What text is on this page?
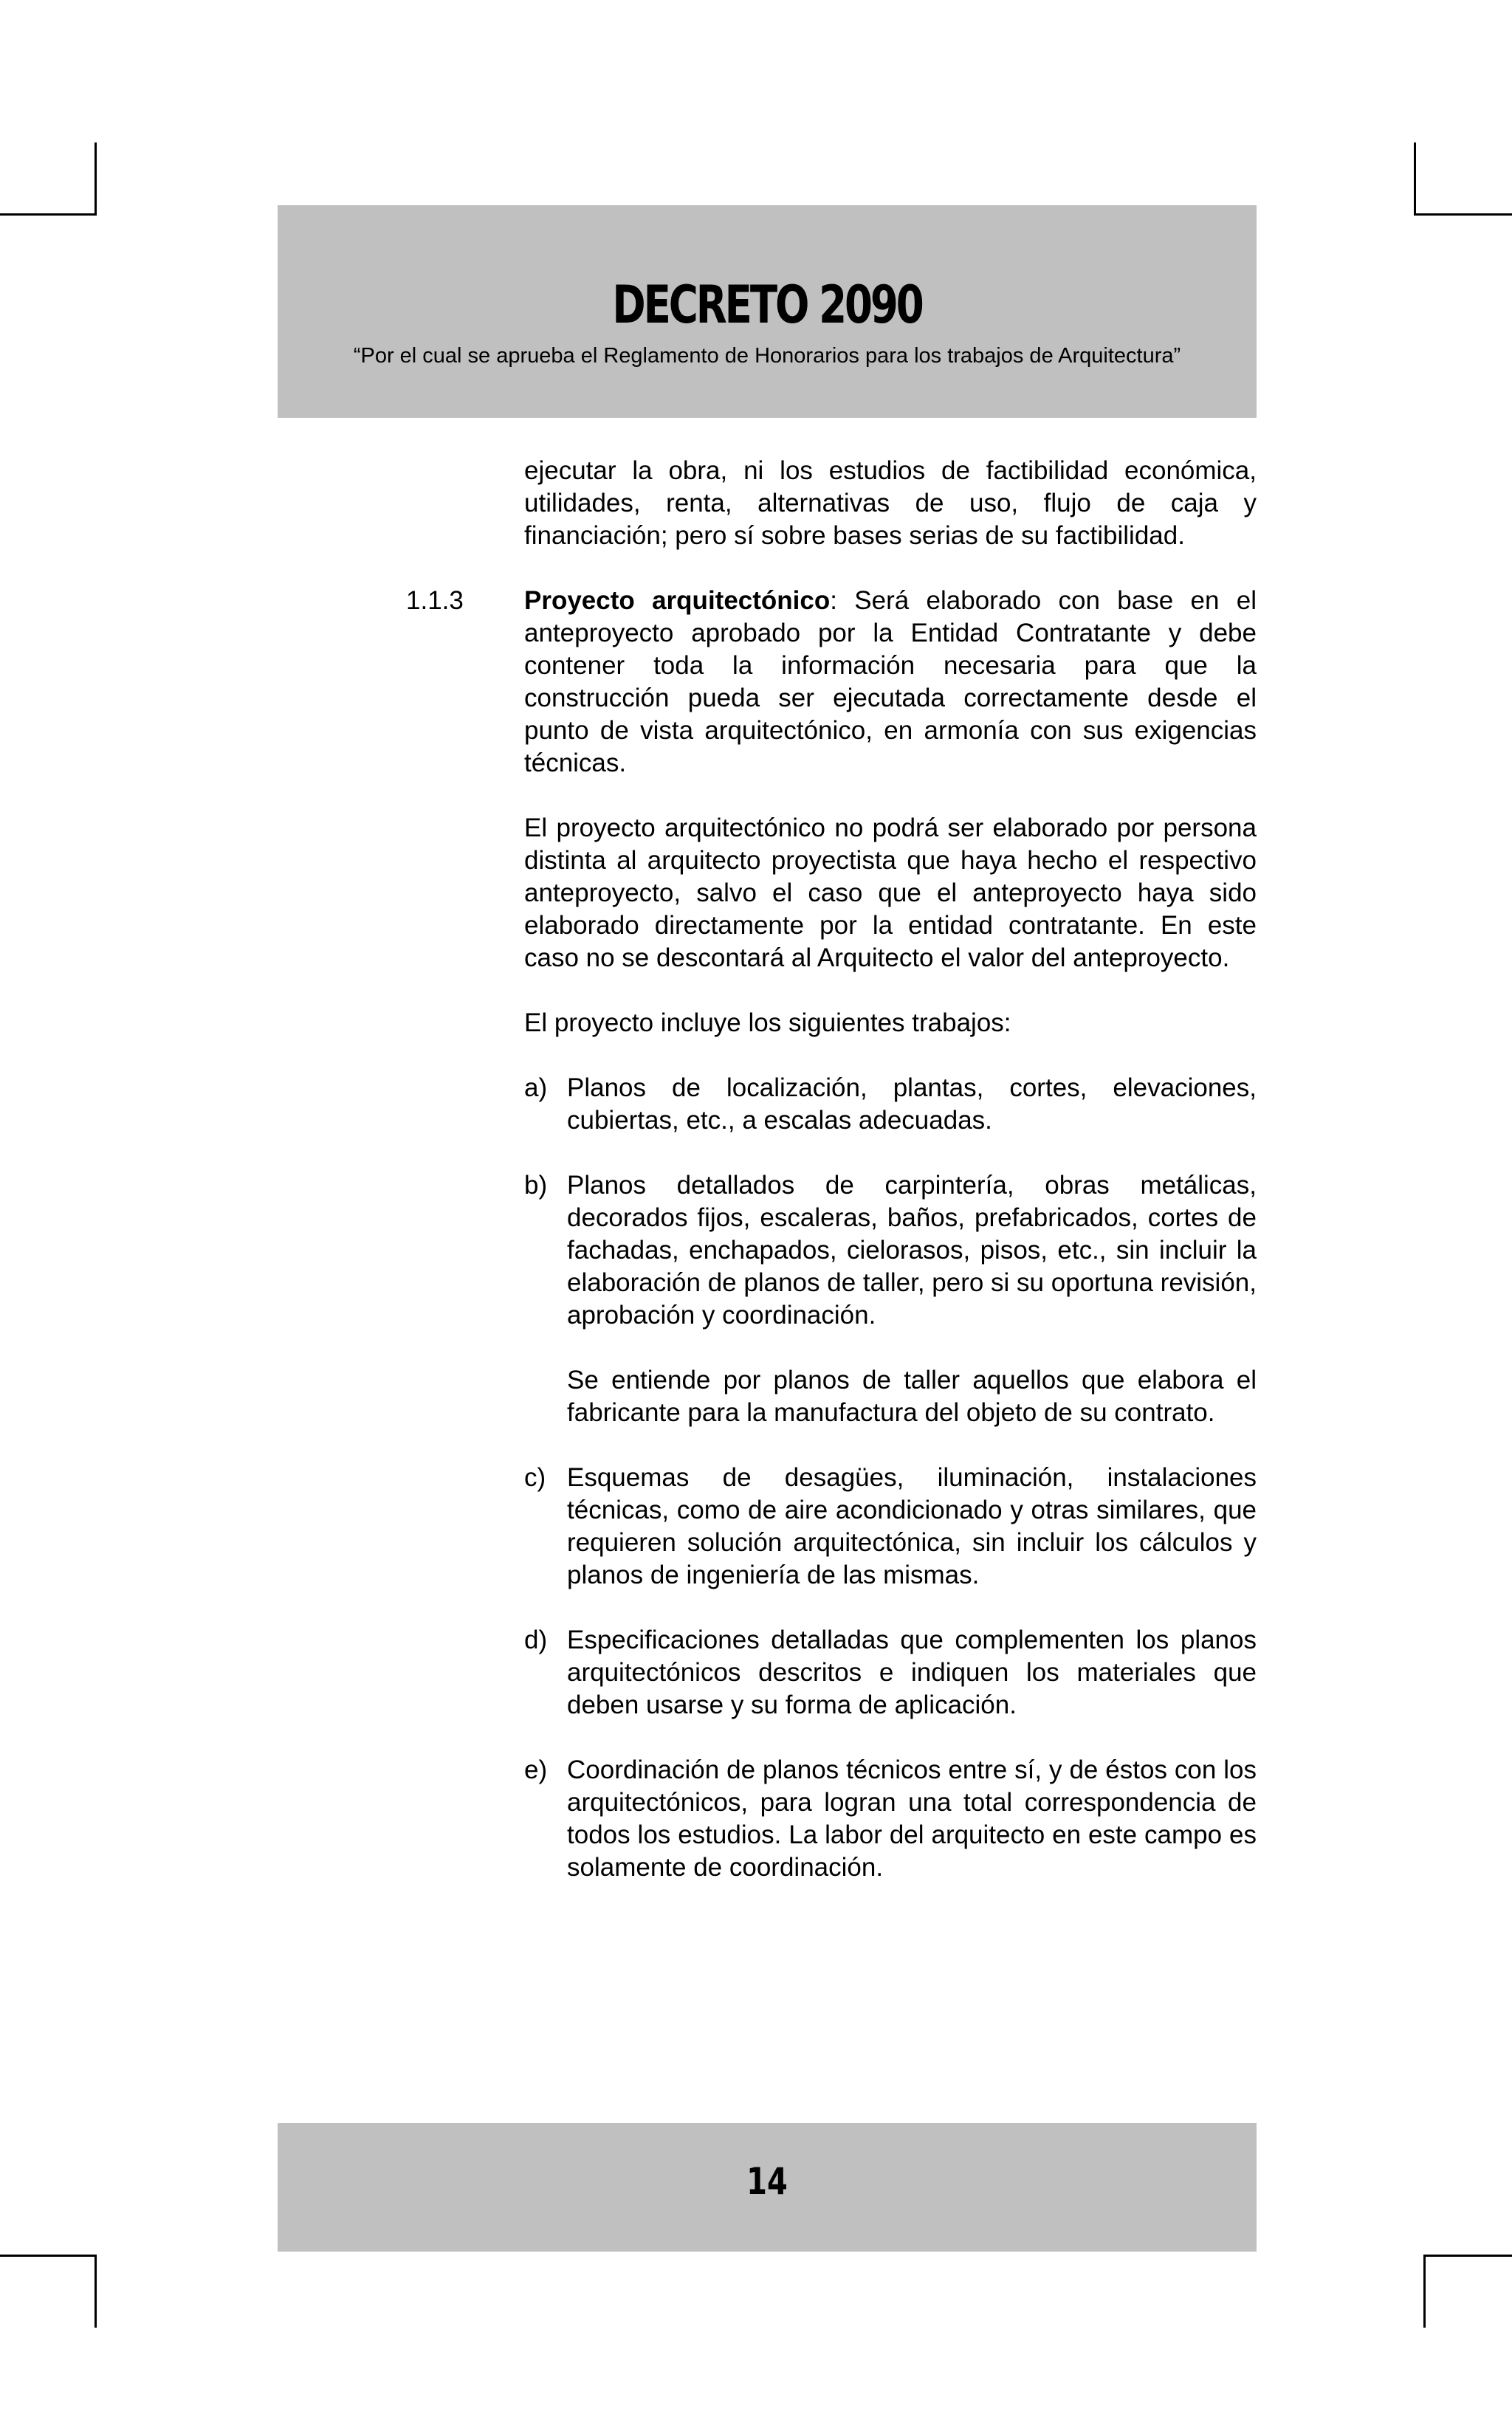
DECRETO 2090
“Por el cual se aprueba el Reglamento de Honorarios para los trabajos de Arquitectura”

ejecutar la obra, ni los estudios de factibilidad económica, utilidades, renta, alternativas de uso, flujo de caja y financiación; pero sí sobre bases serias de su factibilidad.

1.1.3 Proyecto arquitectónico: Será elaborado con base en el anteproyecto aprobado por la Entidad Contratante y debe contener toda la información necesaria para que la construcción pueda ser ejecutada correctamente desde el punto de vista arquitectónico, en armonía con sus exigencias técnicas.

El proyecto arquitectónico no podrá ser elaborado por persona distinta al arquitecto proyectista que haya hecho el respectivo anteproyecto, salvo el caso que el anteproyecto haya sido elaborado directamente por la entidad contratante. En este caso no se descontará al Arquitecto el valor del anteproyecto.

El proyecto incluye los siguientes trabajos:

a) Planos de localización, plantas, cortes, elevaciones, cubiertas, etc., a escalas adecuadas.

b) Planos detallados de carpintería, obras metálicas, decorados fijos, escaleras, baños, prefabricados, cortes de fachadas, enchapados, cielorasos, pisos, etc., sin incluir la elaboración de planos de taller, pero si su oportuna revisión, aprobación y coordinación.

Se entiende por planos de taller aquellos que elabora el fabricante para la manufactura del objeto de su contrato.

c) Esquemas de desagües, iluminación, instalaciones técnicas, como de aire acondicionado y otras similares, que requieren solución arquitectónica, sin incluir los cálculos y planos de ingeniería de las mismas.

d) Especificaciones detalladas que complementen los planos arquitectónicos descritos e indiquen los materiales que deben usarse y su forma de aplicación.

e) Coordinación de planos técnicos entre sí, y de éstos con los arquitectónicos, para logran una total correspondencia de todos los estudios. La labor del arquitecto en este campo es solamente de coordinación.

14
